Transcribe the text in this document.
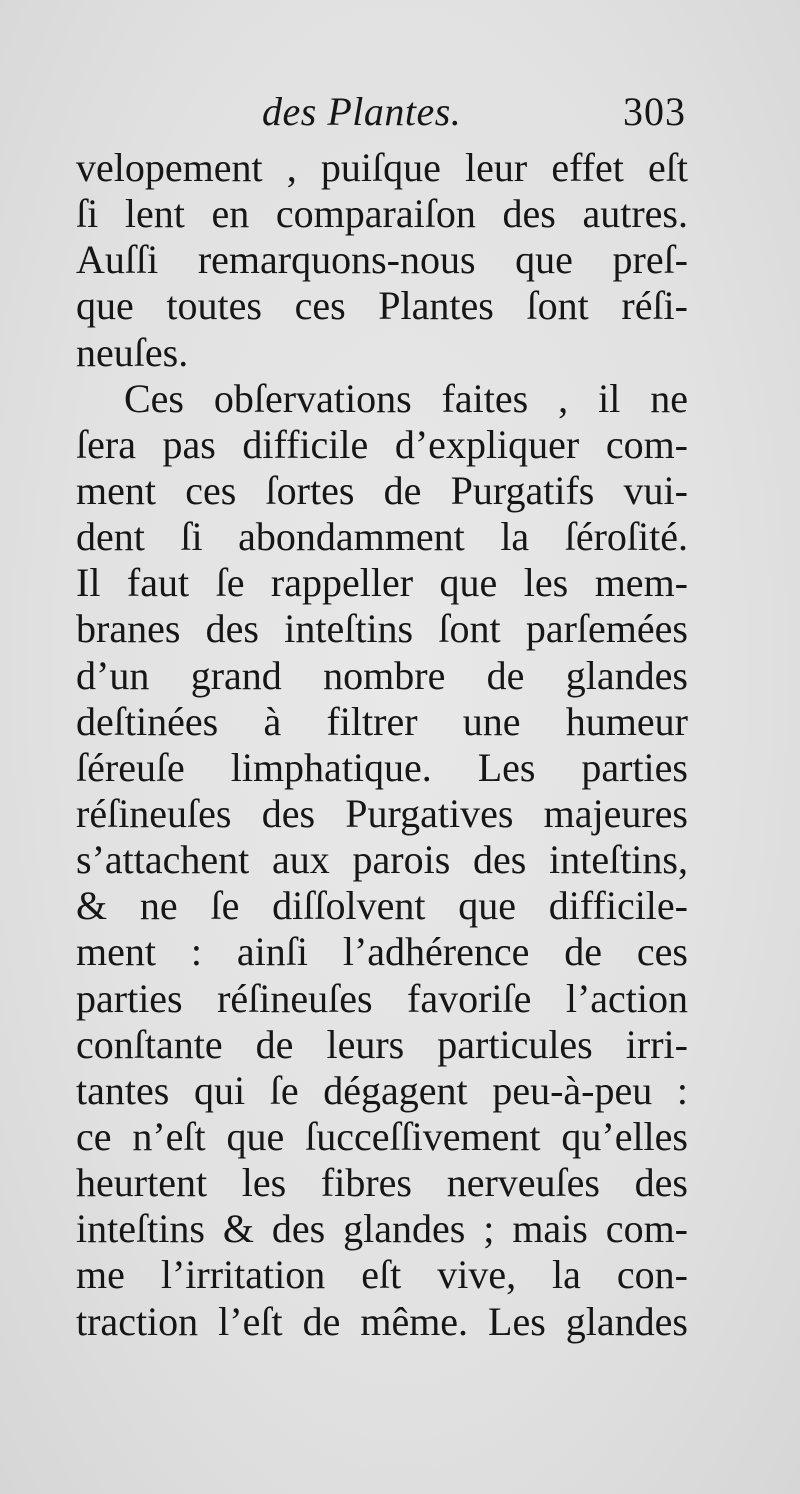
des Plantes.	303
velopement , puiſque leur effet eſt
ſi lent en comparaiſon des autres.
Auſſi remarquons-nous que preſ-
que toutes ces Plantes ſont réſi-
neuſes.
Ces obſervations faites , il ne
ſera pas difficile d’expliquer com-
ment ces ſortes de Purgatifs vui-
dent ſi abondamment la ſéroſité.
Il faut ſe rappeller que les mem-
branes des inteſtins ſont parſemées
d’un grand nombre de glandes
deſtinées à filtrer une humeur
ſéreuſe limphatique. Les parties
réſineuſes des Purgatives majeures
s’attachent aux parois des inteſtins,
& ne ſe diſſolvent que difficile-
ment : ainſi l’adhérence de ces
parties réſineuſes favoriſe l’action
conſtante de leurs particules irri-
tantes qui ſe dégagent peu-à-peu :
ce n’eſt que ſucceſſivement qu’elles
heurtent les fibres nerveuſes des
inteſtins & des glandes ; mais com-
me l’irritation eſt vive, la con-
traction l’eſt de même. Les glandes
